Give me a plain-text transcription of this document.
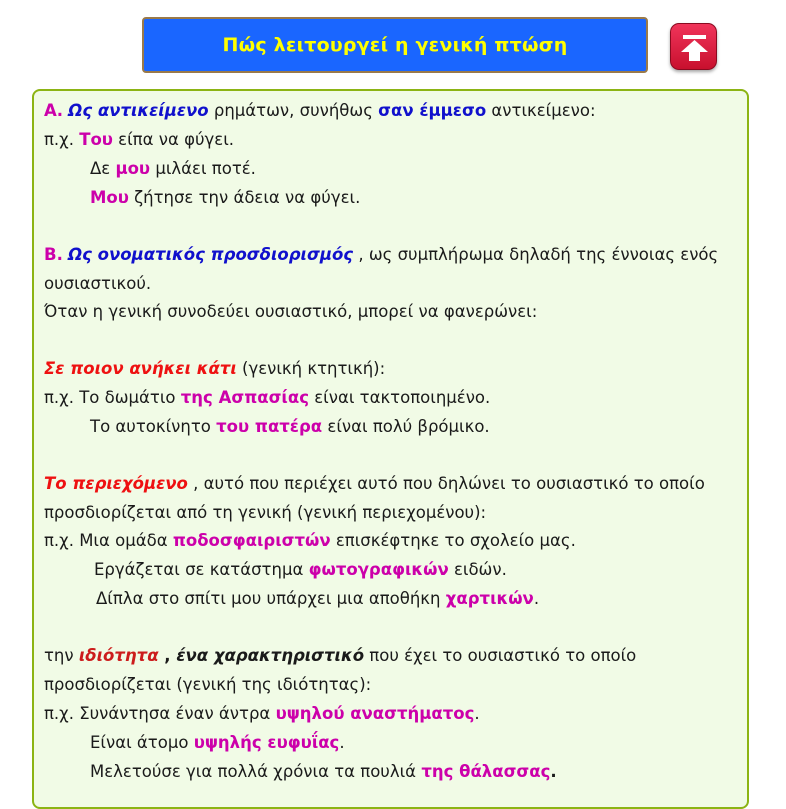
Πώς λειτουργεί η γενική πτώση
Α. Ως αντικείμενο ρημάτων, συνήθως σαν έμμεσο αντικείμενο:
π.χ. Του είπα να φύγει.
Δε μου μιλάει ποτέ.
Μου ζήτησε την άδεια να φύγει.
Β. Ως ονοματικός προσδιορισμός , ως συμπλήρωμα δηλαδή της έννοιας ενός
ουσιαστικού.
Όταν η γενική συνοδεύει ουσιαστικό, μπορεί να φανερώνει:
Σε ποιον ανήκει κάτι (γενική κτητική):
π.χ. Το δωμάτιο της Ασπασίας είναι τακτοποιημένο.
Το αυτοκίνητο του πατέρα είναι πολύ βρόμικο.
Το περιεχόμενο , αυτό που περιέχει αυτό που δηλώνει το ουσιαστικό το οποίο
προσδιορίζεται από τη γενική (γενική περιεχομένου):
π.χ. Μια ομάδα ποδοσφαιριστών επισκέφτηκε το σχολείο μας.
Εργάζεται σε κατάστημα φωτογραφικών ειδών.
Δίπλα στο σπίτι μου υπάρχει μια αποθήκη χαρτικών.
την ιδιότητα , ένα χαρακτηριστικό που έχει το ουσιαστικό το οποίο
προσδιορίζεται (γενική της ιδιότητας):
π.χ. Συνάντησα έναν άντρα υψηλού αναστήματος.
Είναι άτομο υψηλής ευφυΐας.
Μελετούσε για πολλά χρόνια τα πουλιά της θάλασσας.
